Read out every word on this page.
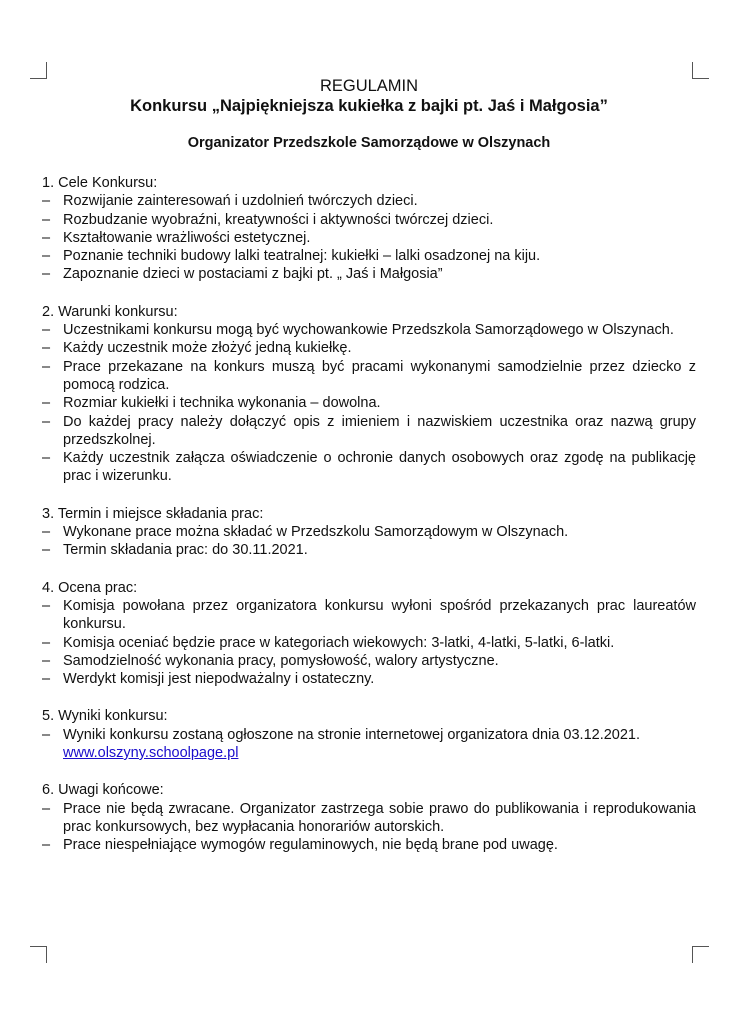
REGULAMIN
Konkursu „Najpiękniejsza kukiełka z bajki pt. Jaś i Małgosia”
Organizator Przedszkole Samorządowe w Olszynach

1. Cele Konkursu:

– Rozwijanie zainteresowań i uzdolnień twórczych dzieci.
– Rozbudzanie wyobraźni, kreatywności i aktywności twórczej dzieci.
– Kształtowanie wrażliwości estetycznej.
– Poznanie techniki budowy lalki teatralnej: kukiełki – lalki osadzonej na kiju.
– Zapoznanie dzieci w postaciami z bajki pt. „ Jaś i Małgosia”

2. Warunki konkursu:

– Uczestnikami konkursu mogą być wychowankowie Przedszkola Samorządowego w Olszynach.
– Każdy uczestnik może złożyć jedną kukiełkę.
– Prace przekazane na konkurs muszą być pracami wykonanymi samodzielnie przez dziecko z pomocą rodzica.
– Rozmiar kukiełki i technika wykonania – dowolna.
– Do każdej pracy należy dołączyć opis z imieniem i nazwiskiem uczestnika oraz nazwą grupy przedszkolnej.
– Każdy uczestnik załącza oświadczenie o ochronie danych osobowych oraz zgodę na publikację prac i wizerunku.

3. Termin i miejsce składania prac:

– Wykonane prace można składać w Przedszkolu Samorządowym w Olszynach.
– Termin składania prac: do 30.11.2021.

4. Ocena prac:

– Komisja powołana przez organizatora konkursu wyłoni spośród przekazanych prac laureatów konkursu.
– Komisja oceniać będzie prace w kategoriach wiekowych: 3-latki, 4-latki, 5-latki, 6-latki.
– Samodzielność wykonania pracy, pomysłowość, walory artystyczne.
– Werdykt komisji jest niepodważalny i ostateczny.

5. Wyniki konkursu:

– Wyniki konkursu zostaną ogłoszone na stronie internetowej organizatora dnia 03.12.2021.
www.olszyny.schoolpage.pl

6. Uwagi końcowe:

– Prace nie będą zwracane. Organizator zastrzega sobie prawo do publikowania i reprodukowania prac konkursowych, bez wypłacania honorariów autorskich.
– Prace niespełniające wymogów regulaminowych, nie będą brane pod uwagę.
